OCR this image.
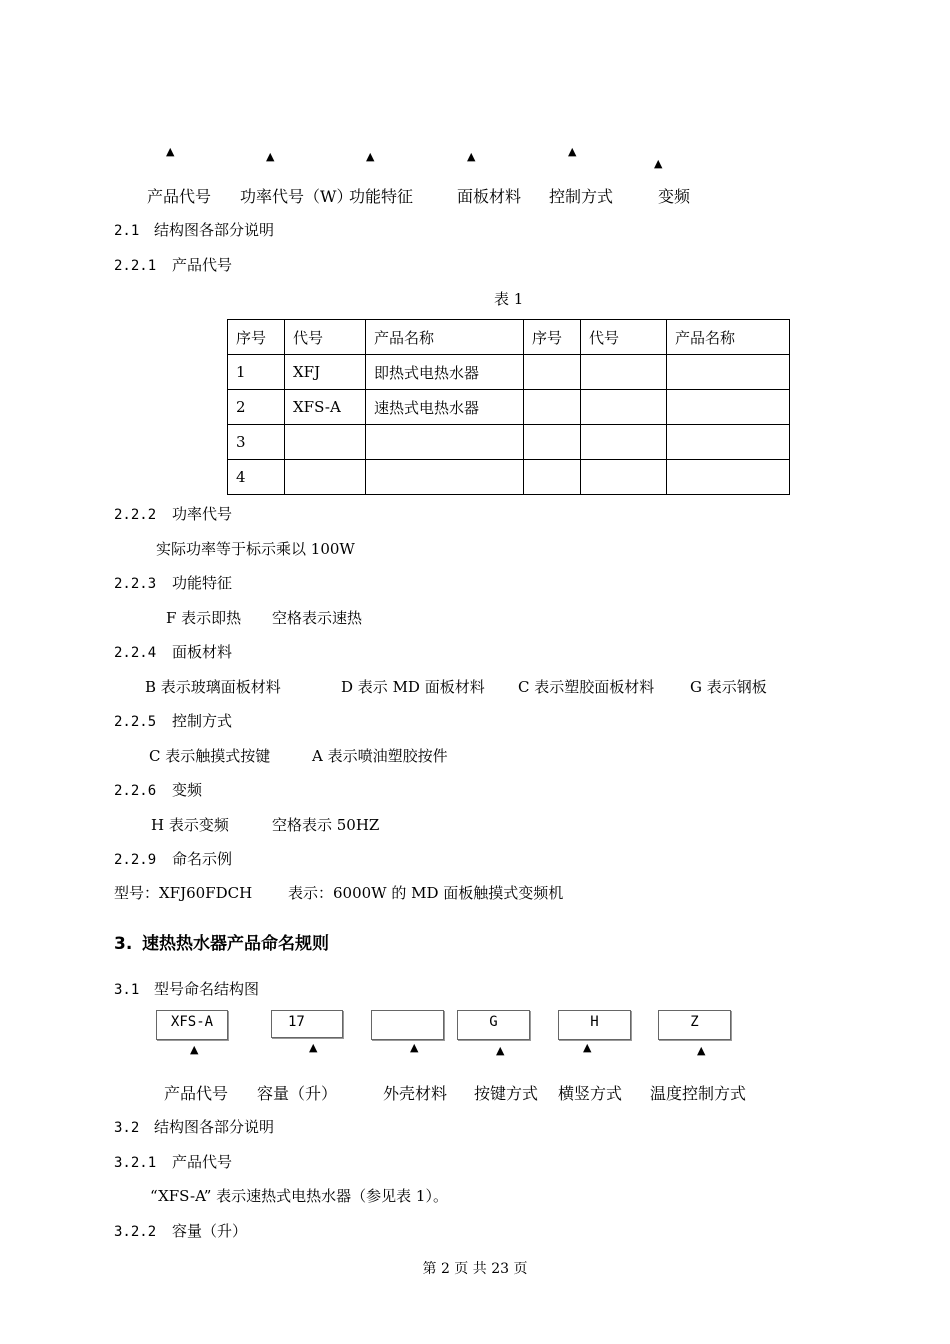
▲	▲	▲	▲	▲
▲
产品代号 功率代号（W）
功能特征	面板材料 控制方式	变频
2.1 结构图各部分说明
2.2.1 产品代号
表 1
序号	代号	产品名称	序号	代号	产品名称
1	XFJ	即热式电热水器			
2	XFS-A	速热式电热水器			
3					
4					
2.2.2 功率代号
实际功率等于标示乘以 100W
2.2.3 功能特征
F 表示即热 空格表示速热
2.2.4 面板材料
B 表示玻璃面板材料	D 表示 MD 面板材料 C 表示塑胶面板材料 G 表示钢板
2.2.5 控制方式
C 表示触摸式按键	A 表示喷油塑胶按件
2.2.6 变频
H 表示变频	空格表示 50HZ
2.2.9 命名示例
型号：XFJ60FDCH 表示：6000W 的 MD 面板触摸式变频机
3. 速热热水器产品命名规则
3.1 型号命名结构图
XFS-A	17	G	H	Z
▲	▲	▲	▲	▲	▲
产品代号 容量（升）	外壳材料 按键方式 横竖方式 温度控制方式
3.2 结构图各部分说明
3.2.1 产品代号
“XFS-A” 表示速热式电热水器（参见表 1）。
3.2.2 容量（升）
第 2 页 共 23 页
